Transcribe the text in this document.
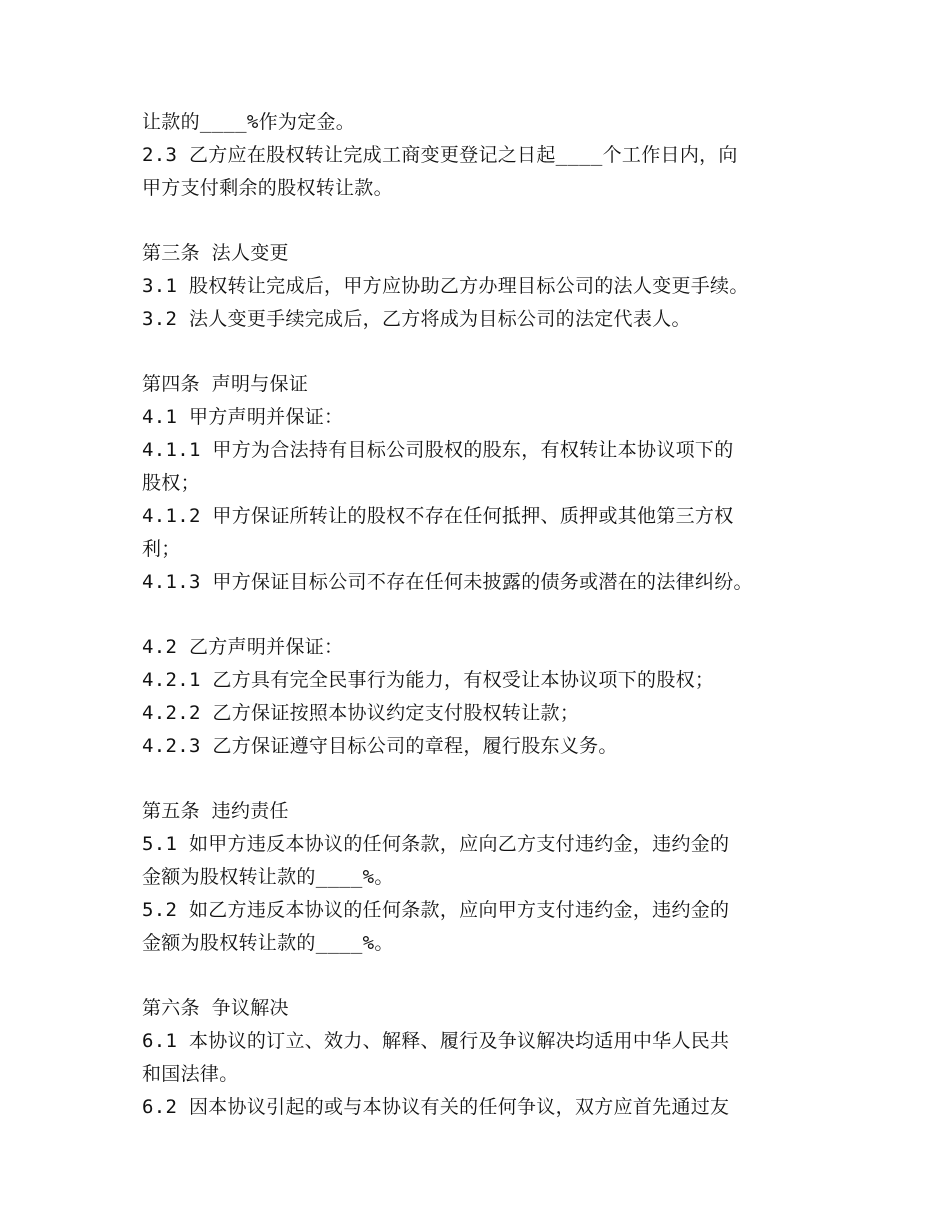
让款的____%作为定金。
2.3 乙方应在股权转让完成工商变更登记之日起____个工作日内，向
甲方支付剩余的股权转让款。
第三条 法人变更
3.1 股权转让完成后，甲方应协助乙方办理目标公司的法人变更手续。
3.2 法人变更手续完成后，乙方将成为目标公司的法定代表人。
第四条 声明与保证
4.1 甲方声明并保证：
4.1.1 甲方为合法持有目标公司股权的股东，有权转让本协议项下的
股权；
4.1.2 甲方保证所转让的股权不存在任何抵押、质押或其他第三方权
利；
4.1.3 甲方保证目标公司不存在任何未披露的债务或潜在的法律纠纷。
4.2 乙方声明并保证：
4.2.1 乙方具有完全民事行为能力，有权受让本协议项下的股权；
4.2.2 乙方保证按照本协议约定支付股权转让款；
4.2.3 乙方保证遵守目标公司的章程，履行股东义务。
第五条 违约责任
5.1 如甲方违反本协议的任何条款，应向乙方支付违约金，违约金的
金额为股权转让款的____%。
5.2 如乙方违反本协议的任何条款，应向甲方支付违约金，违约金的
金额为股权转让款的____%。
第六条 争议解决
6.1 本协议的订立、效力、解释、履行及争议解决均适用中华人民共
和国法律。
6.2 因本协议引起的或与本协议有关的任何争议，双方应首先通过友
